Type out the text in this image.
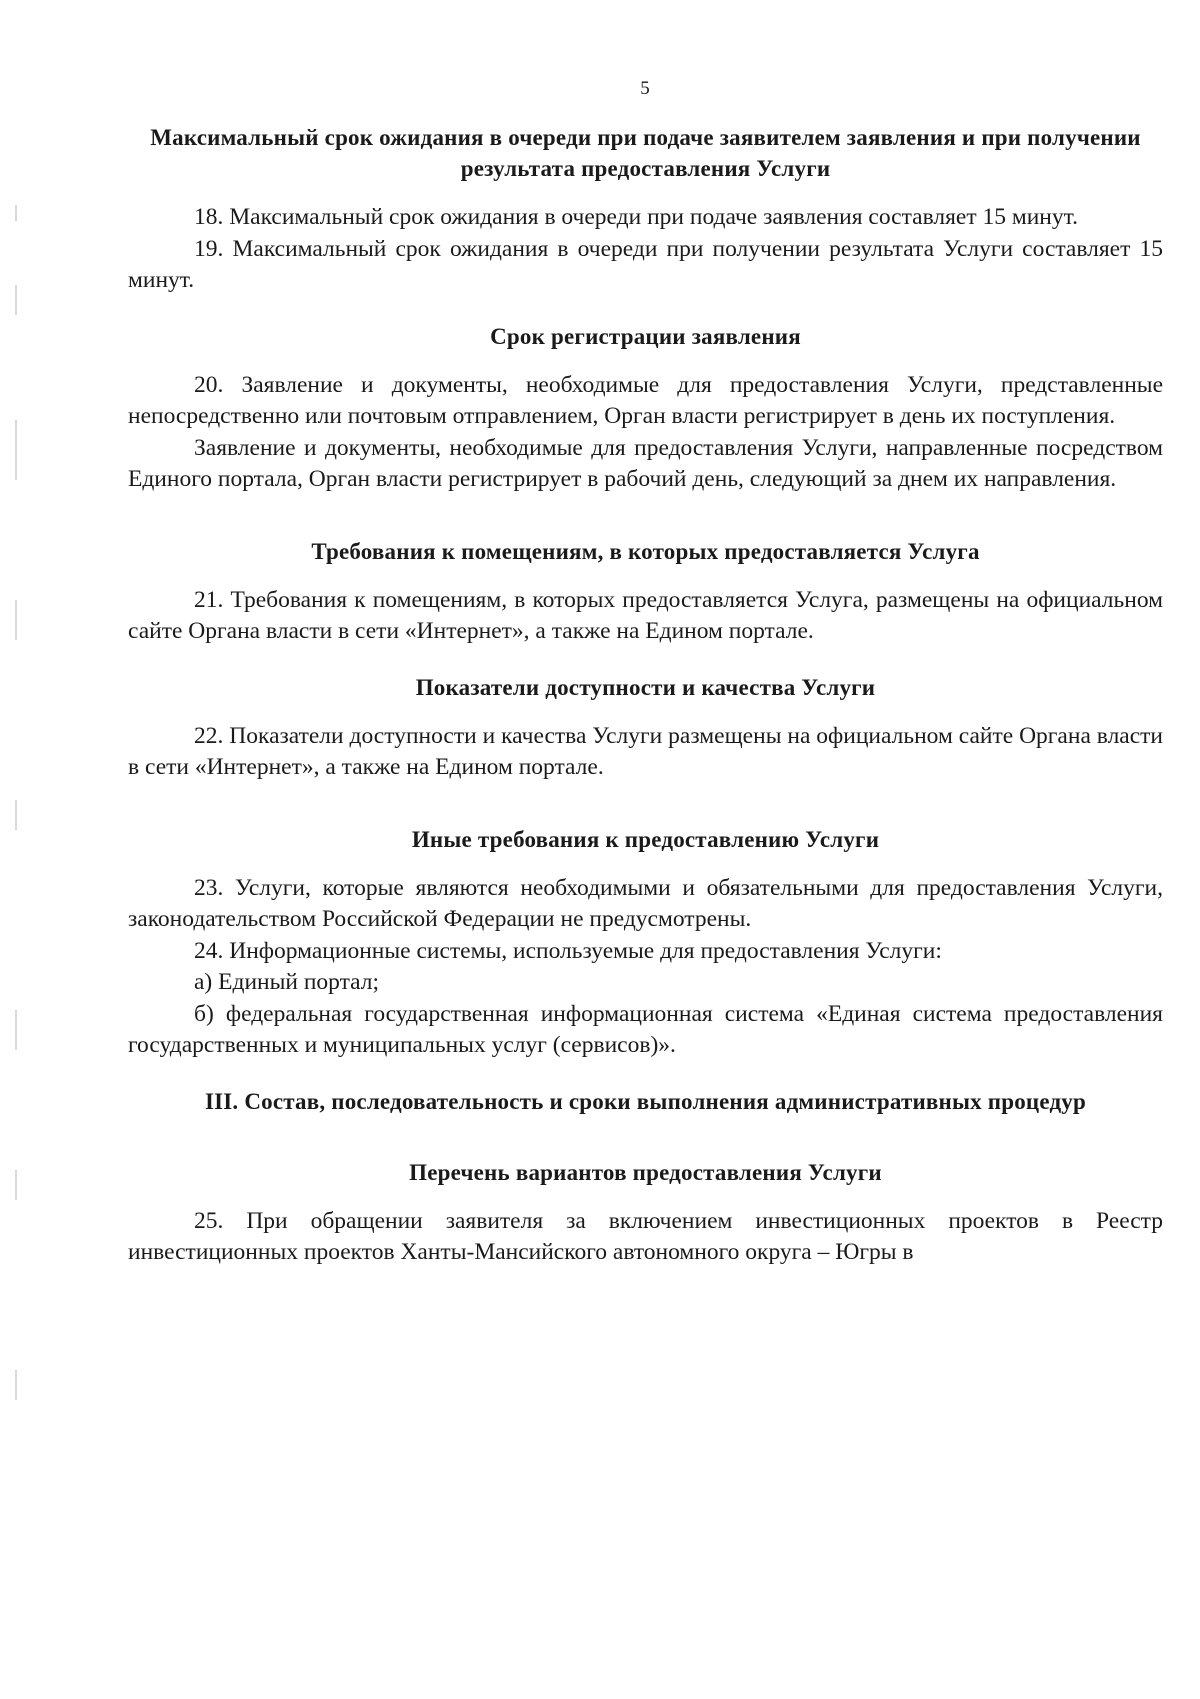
5

Максимальный срок ожидания в очереди при подаче заявителем заявления и при получении результата предоставления Услуги

18. Максимальный срок ожидания в очереди при подаче заявления составляет 15 минут.

19. Максимальный срок ожидания в очереди при получении результата Услуги составляет 15 минут.

Срок регистрации заявления

20. Заявление и документы, необходимые для предоставления Услуги, представленные непосредственно или почтовым отправлением, Орган власти регистрирует в день их поступления.

Заявление и документы, необходимые для предоставления Услуги, направленные посредством Единого портала, Орган власти регистрирует в рабочий день, следующий за днем их направления.

Требования к помещениям, в которых предоставляется Услуга

21. Требования к помещениям, в которых предоставляется Услуга, размещены на официальном сайте Органа власти в сети «Интернет», а также на Едином портале.

Показатели доступности и качества Услуги

22. Показатели доступности и качества Услуги размещены на официальном сайте Органа власти в сети «Интернет», а также на Едином портале.

Иные требования к предоставлению Услуги

23. Услуги, которые являются необходимыми и обязательными для предоставления Услуги, законодательством Российской Федерации не предусмотрены.

24. Информационные системы, используемые для предоставления Услуги:

а) Единый портал;

б) федеральная государственная информационная система «Единая система предоставления государственных и муниципальных услуг (сервисов)».

III. Состав, последовательность и сроки выполнения административных процедур

Перечень вариантов предоставления Услуги

25. При обращении заявителя за включением инвестиционных проектов в Реестр инвестиционных проектов Ханты-Мансийского автономного округа – Югры в
